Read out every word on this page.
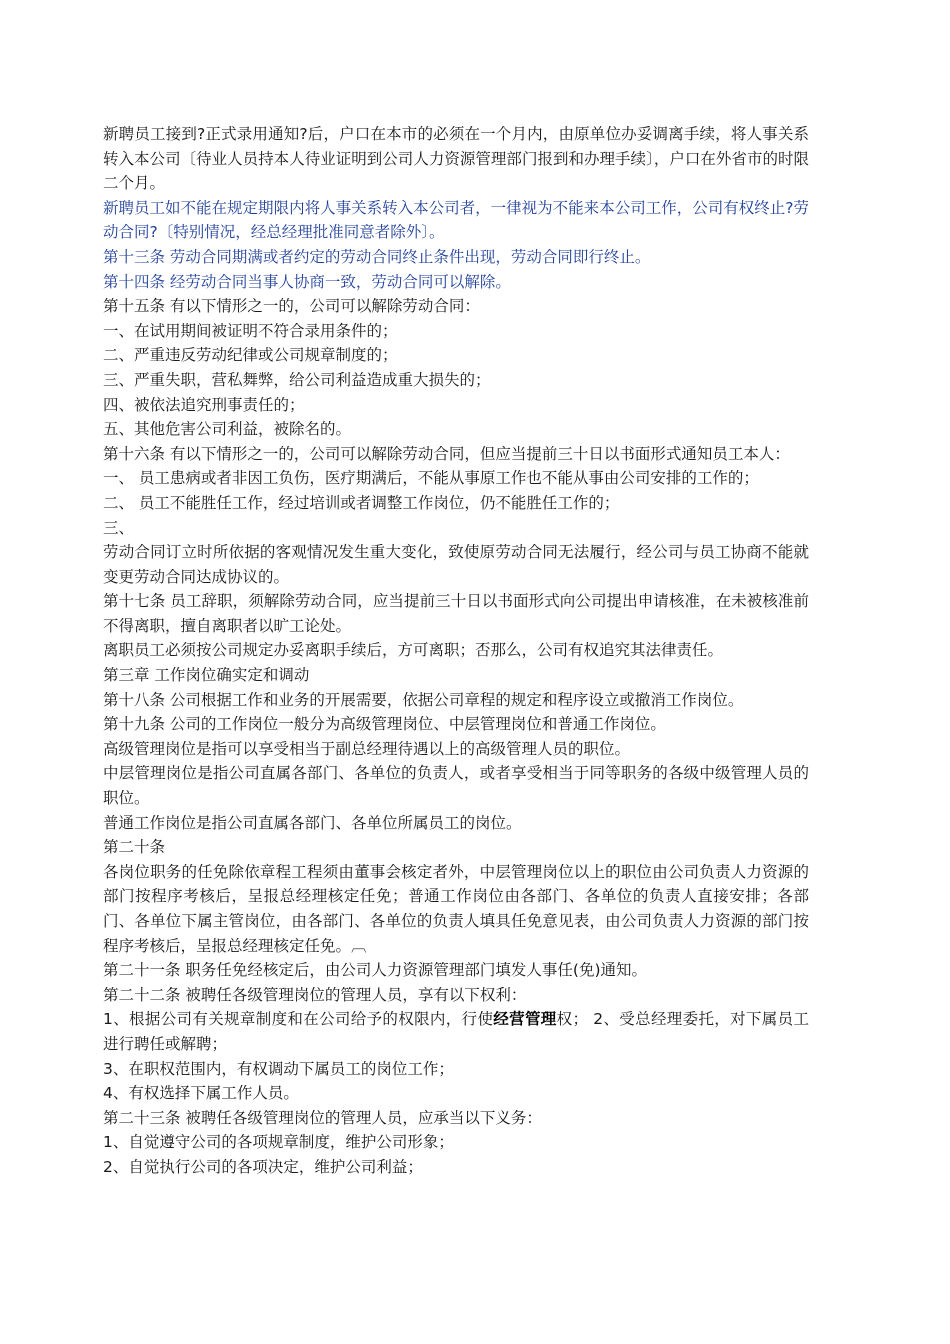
新聘员工接到?正式录用通知?后，户口在本市的必须在一个月内，由原单位办妥调离手续，将人事关系转入本公司〔待业人员持本人待业证明到公司人力资源管理部门报到和办理手续〕，户口在外省市的时限二个月。

新聘员工如不能在规定期限内将人事关系转入本公司者，一律视为不能来本公司工作，公司有权终止?劳动合同?〔特别情况，经总经理批准同意者除外〕。

第十三条 劳动合同期满或者约定的劳动合同终止条件出现，劳动合同即行终止。

第十四条 经劳动合同当事人协商一致，劳动合同可以解除。

第十五条 有以下情形之一的，公司可以解除劳动合同：

一、在试用期间被证明不符合录用条件的；

二、严重违反劳动纪律或公司规章制度的；

三、严重失职，营私舞弊，给公司利益造成重大损失的；

四、被依法追究刑事责任的；

五、其他危害公司利益，被除名的。

第十六条 有以下情形之一的，公司可以解除劳动合同，但应当提前三十日以书面形式通知员工本人：

一、 员工患病或者非因工负伤，医疗期满后，不能从事原工作也不能从事由公司安排的工作的；

二、 员工不能胜任工作，经过培训或者调整工作岗位，仍不能胜任工作的；

三、

劳动合同订立时所依据的客观情况发生重大变化，致使原劳动合同无法履行，经公司与员工协商不能就变更劳动合同达成协议的。

第十七条 员工辞职，须解除劳动合同，应当提前三十日以书面形式向公司提出申请核准，在未被核准前不得离职，擅自离职者以旷工论处。

离职员工必须按公司规定办妥离职手续后，方可离职；否那么，公司有权追究其法律责任。

第三章 工作岗位确实定和调动

第十八条 公司根据工作和业务的开展需要，依据公司章程的规定和程序设立或撤消工作岗位。

第十九条 公司的工作岗位一般分为高级管理岗位、中层管理岗位和普通工作岗位。

高级管理岗位是指可以享受相当于副总经理待遇以上的高级管理人员的职位。

中层管理岗位是指公司直属各部门、各单位的负责人，或者享受相当于同等职务的各级中级管理人员的职位。

普通工作岗位是指公司直属各部门、各单位所属员工的岗位。

第二十条

各岗位职务的任免除依章程工程须由董事会核定者外，中层管理岗位以上的职位由公司负责人力资源的部门按程序考核后，呈报总经理核定任免；普通工作岗位由各部门、各单位的负责人直接安排；各部门、各单位下属主管岗位，由各部门、各单位的负责人填具任免意见表，由公司负责人力资源的部门按程序考核后，呈报总经理核定任免。︹

第二十一条 职务任免经核定后，由公司人力资源管理部门填发人事任(免)通知。

第二十二条 被聘任各级管理岗位的管理人员，享有以下权利：

1、根据公司有关规章制度和在公司给予的权限内，行使经营管理权； 2、受总经理委托，对下属员工进行聘任或解聘；

3、在职权范围内，有权调动下属员工的岗位工作；

4、有权选择下属工作人员。

第二十三条 被聘任各级管理岗位的管理人员，应承当以下义务：

1、自觉遵守公司的各项规章制度，维护公司形象；

2、自觉执行公司的各项决定，维护公司利益；
